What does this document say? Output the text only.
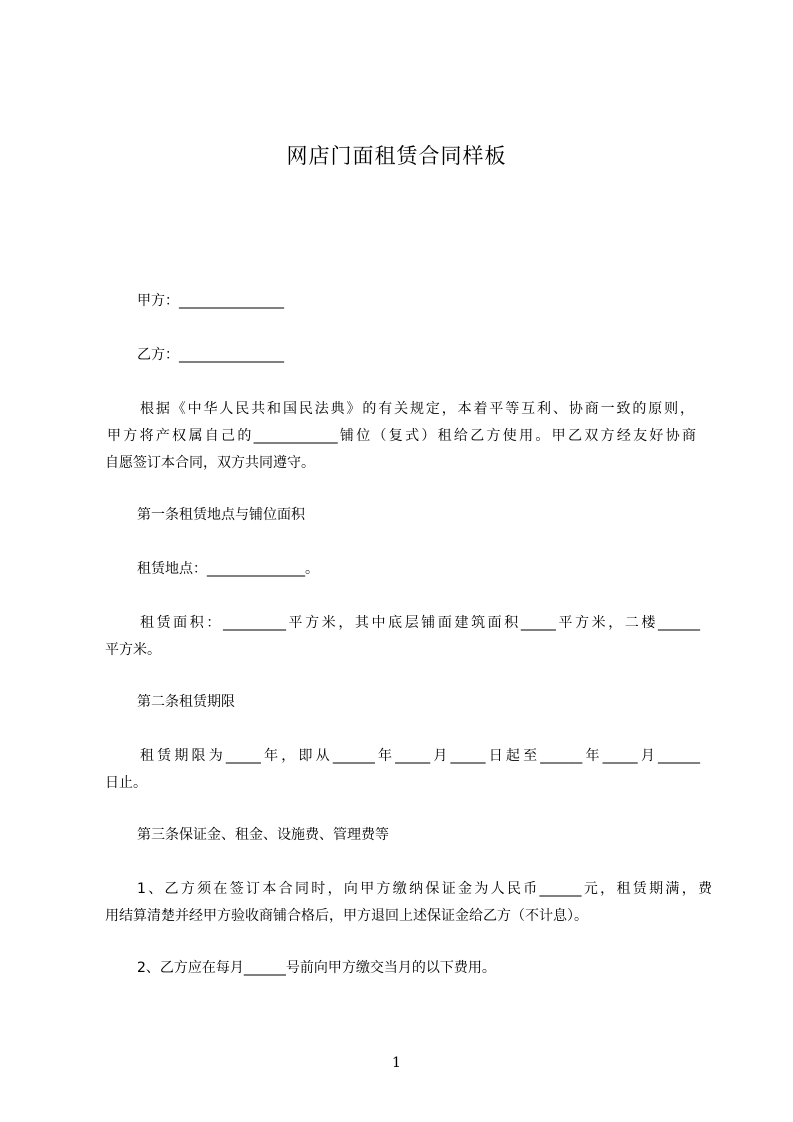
网店门面租赁合同样板
甲方：_______________
乙方：_______________
根据《中华人民共和国民法典》的有关规定，本着平等互利、协商一致的原则，
甲方将产权属自己的____________铺位（复式）租给乙方使用。甲乙双方经友好协商
自愿签订本合同，双方共同遵守。
第一条租赁地点与铺位面积
租赁地点：______________。
租赁面积：_________平方米，其中底层铺面建筑面积_____平方米，二楼______
平方米。
第二条租赁期限
租赁期限为_____年，即从______年_____月_____日起至______年_____月______
日止。
第三条保证金、租金、设施费、管理费等
1、乙方须在签订本合同时，向甲方缴纳保证金为人民币______元，租赁期满，费
用结算清楚并经甲方验收商铺合格后，甲方退回上述保证金给乙方（不计息）。
2、乙方应在每月______号前向甲方缴交当月的以下费用。
1
